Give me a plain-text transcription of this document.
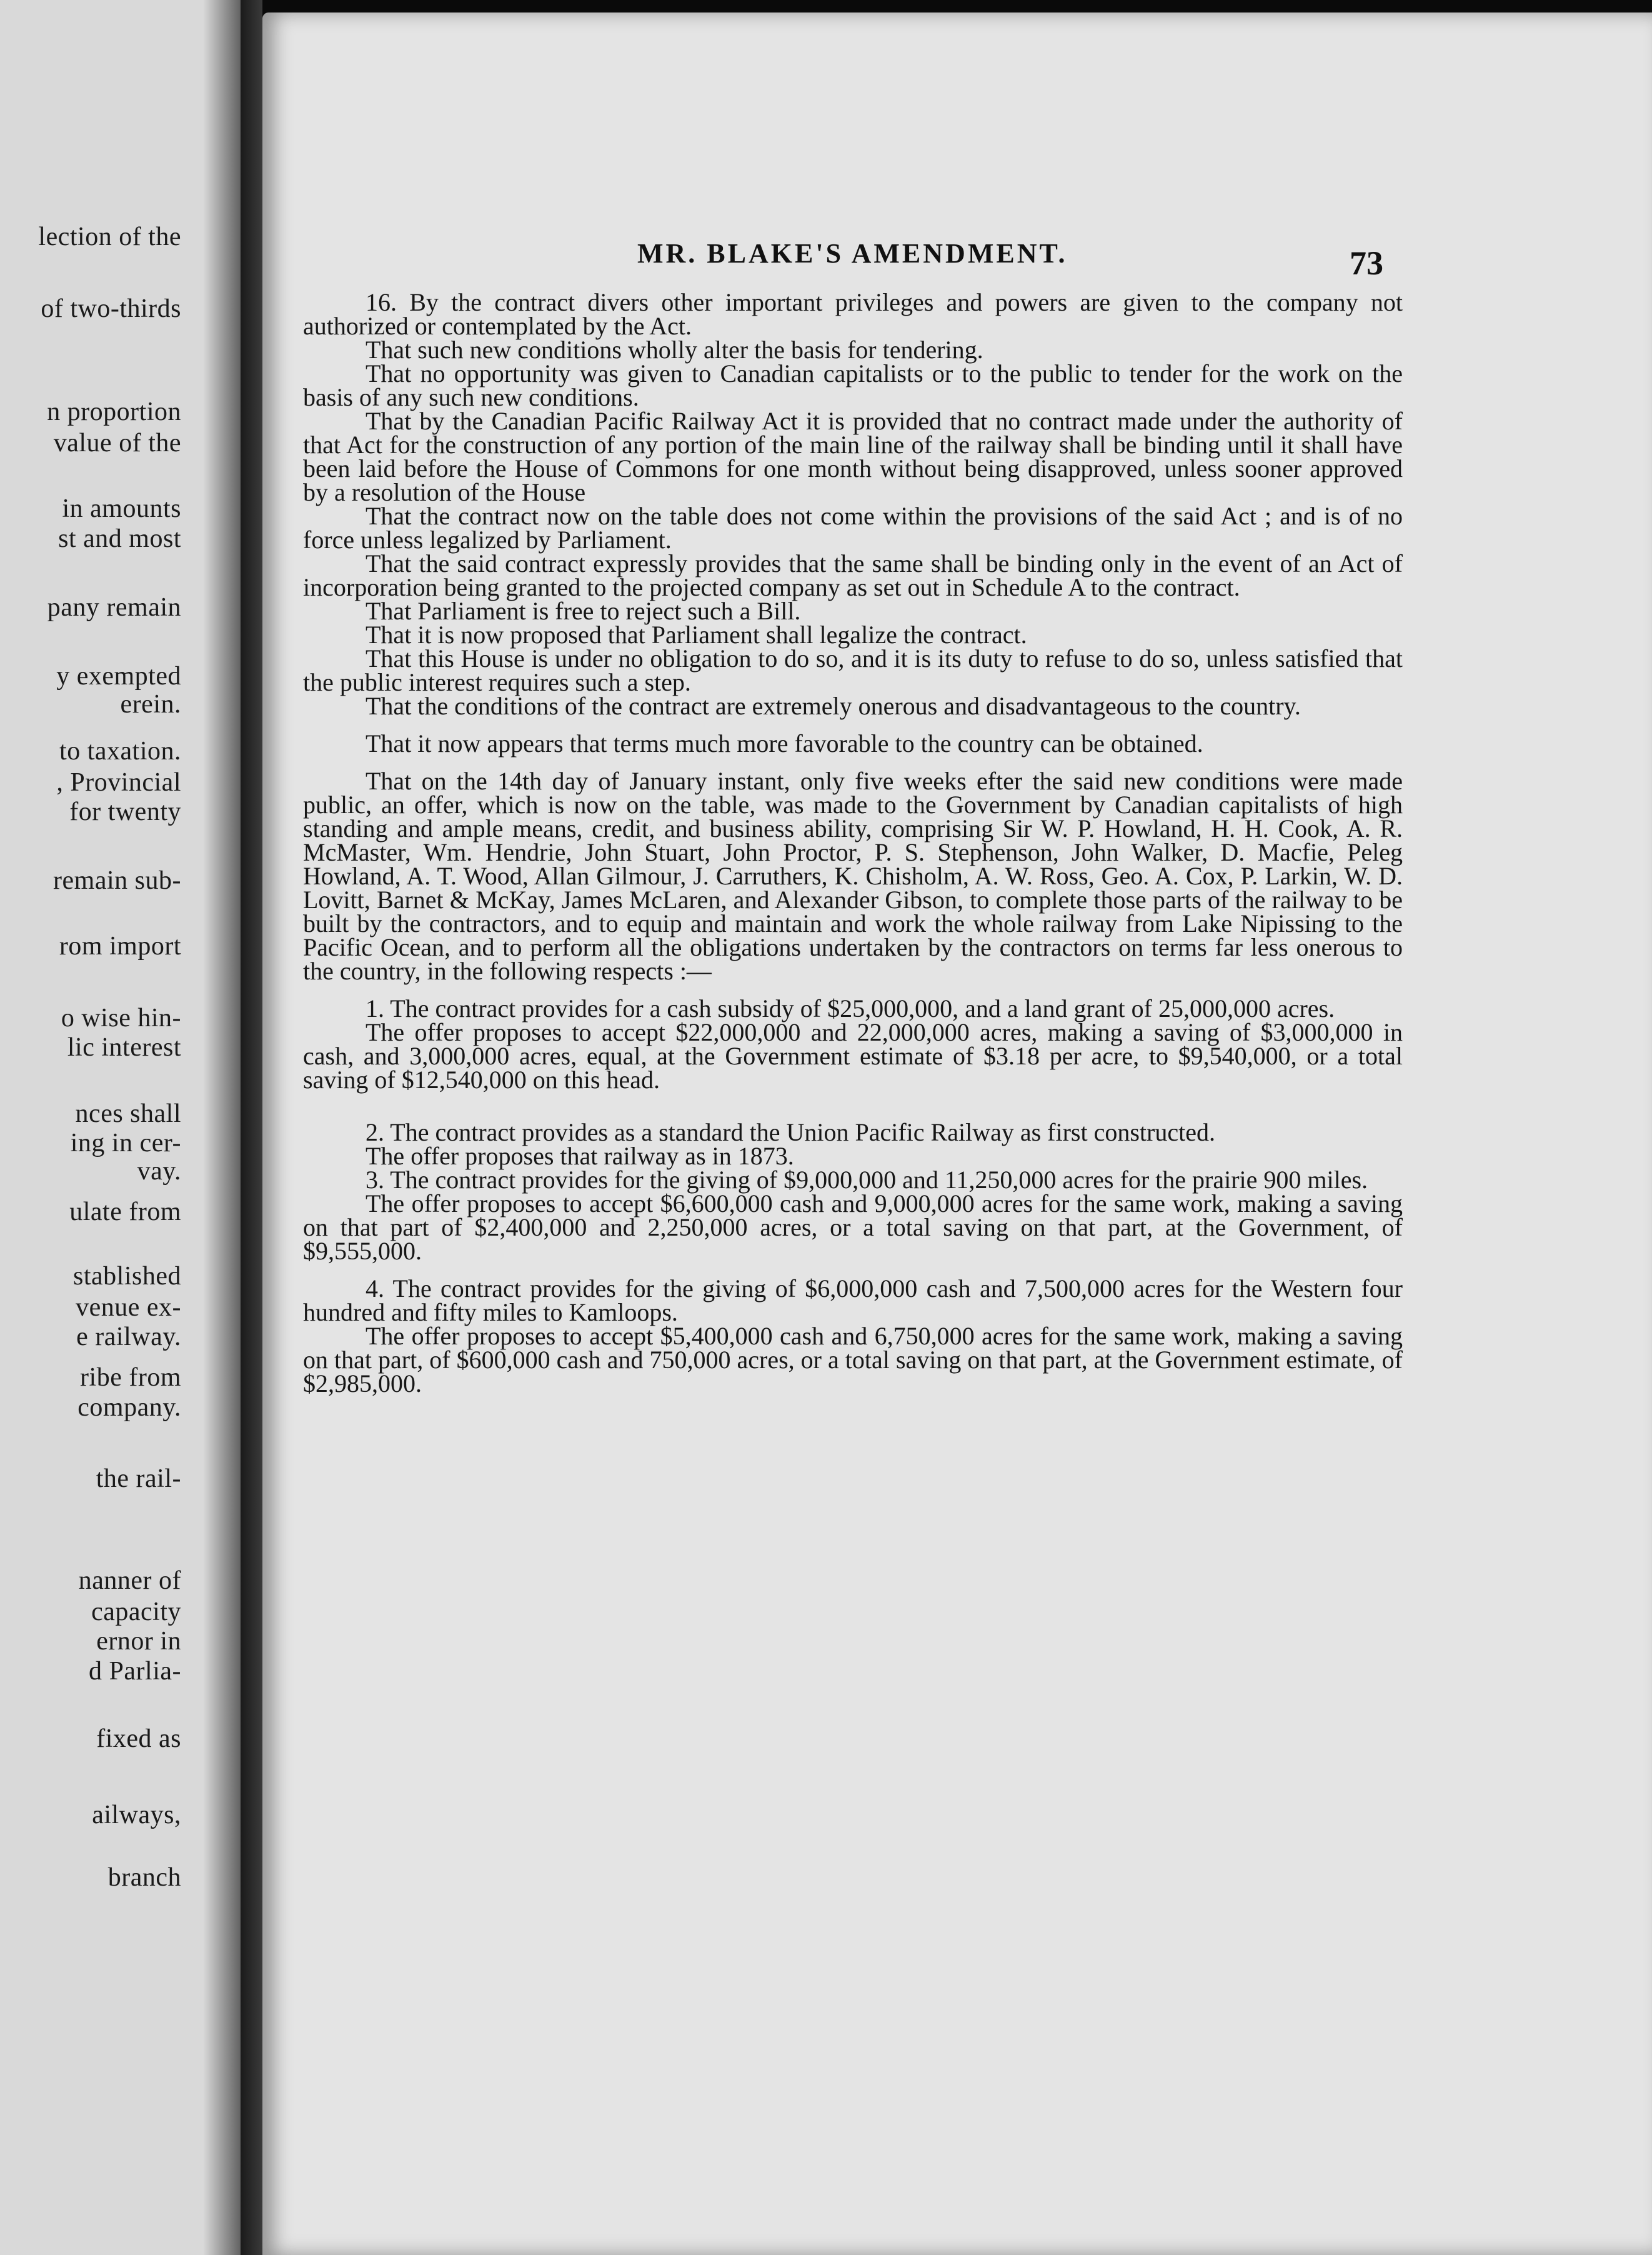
lection of the
of two-thirds
n proportion
value of the
in amounts
st and most
pany remain
y exempted
erein.
to taxation.
, Provincial
for twenty
remain sub-
rom import
o wise hin-
lic interest
nces shall
ing in cer-
vay.
ulate from
stablished
venue ex-
e railway.
ribe from
company.
the rail-
nanner of
capacity
ernor in
d Parlia-
fixed as
ailways,
branch
MR. BLAKE'S AMENDMENT.	73

16. By the contract divers other important privileges and powers are given to the company not authorized or contemplated by the Act.

That such new conditions wholly alter the basis for tendering.

That no opportunity was given to Canadian capitalists or to the public to tender for the work on the basis of any such new conditions.

That by the Canadian Pacific Railway Act it is provided that no contract made under the authority of that Act for the construction of any portion of the main line of the railway shall be binding until it shall have been laid before the House of Commons for one month without being disapproved, unless sooner approved by a resolution of the House

That the contract now on the table does not come within the provisions of the said Act ; and is of no force unless legalized by Parliament.

That the said contract expressly provides that the same shall be binding only in the event of an Act of incorporation being granted to the projected company as set out in Schedule A to the contract.

That Parliament is free to reject such a Bill.

That it is now proposed that Parliament shall legalize the contract.

That this House is under no obligation to do so, and it is its duty to refuse to do so, unless satisfied that the public interest requires such a step.

That the conditions of the contract are extremely onerous and disadvantageous to the country.

That it now appears that terms much more favorable to the country can be obtained.

That on the 14th day of January instant, only five weeks efter the said new conditions were made public, an offer, which is now on the table, was made to the Government by Canadian capitalists of high standing and ample means, credit, and business ability, comprising Sir W. P. Howland, H. H. Cook, A. R. McMaster, Wm. Hendrie, John Stuart, John Proctor, P. S. Stephenson, John Walker, D. Macfie, Peleg Howland, A. T. Wood, Allan Gilmour, J. Carruthers, K. Chisholm, A. W. Ross, Geo. A. Cox, P. Larkin, W. D. Lovitt, Barnet & McKay, James McLaren, and Alexander Gibson, to complete those parts of the railway to be built by the contractors, and to equip and maintain and work the whole railway from Lake Nipissing to the Pacific Ocean, and to perform all the obligations undertaken by the contractors on terms far less onerous to the country, in the following respects :—

1. The contract provides for a cash subsidy of $25,000,000, and a land grant of 25,000,000 acres.

The offer proposes to accept $22,000,000 and 22,000,000 acres, making a saving of $3,000,000 in cash, and 3,000,000 acres, equal, at the Government estimate of $3.18 per acre, to $9,540,000, or a total saving of $12,540,000 on this head.

2. The contract provides as a standard the Union Pacific Railway as first constructed.

The offer proposes that railway as in 1873.

3. The contract provides for the giving of $9,000,000 and 11,250,000 acres for the prairie 900 miles.

The offer proposes to accept $6,600,000 cash and 9,000,000 acres for the same work, making a saving on that part of $2,400,000 and 2,250,000 acres, or a total saving on that part, at the Government, of $9,555,000.

4. The contract provides for the giving of $6,000,000 cash and 7,500,000 acres for the Western four hundred and fifty miles to Kamloops.

The offer proposes to accept $5,400,000 cash and 6,750,000 acres for the same work, making a saving on that part, of $600,000 cash and 750,000 acres, or a total saving on that part, at the Government estimate, of $2,985,000.
